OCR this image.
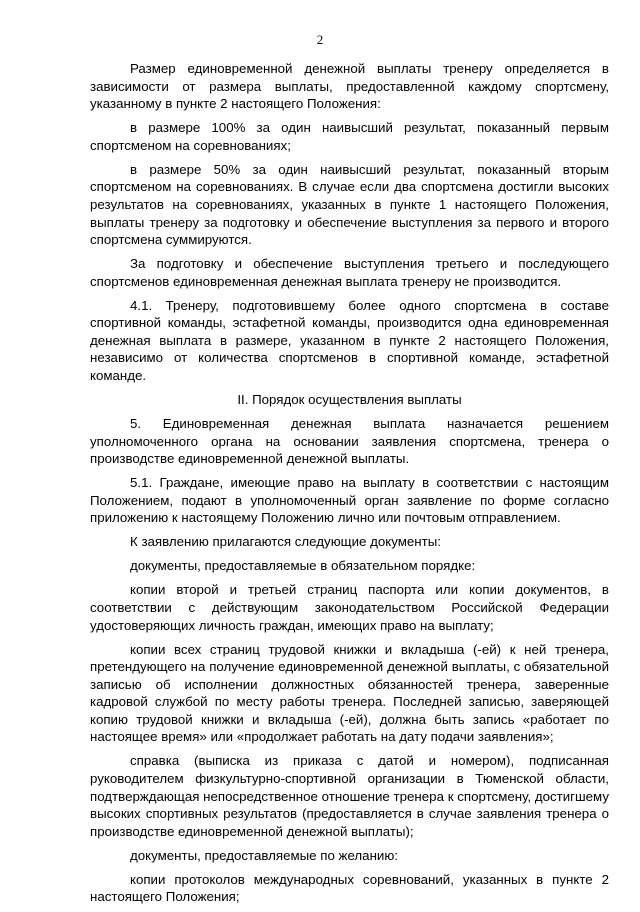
2

Размер единовременной денежной выплаты тренеру определяется в зависимости от размера выплаты, предоставленной каждому спортсмену, указанному в пункте 2 настоящего Положения:

в размере 100% за один наивысший результат, показанный первым спортсменом на соревнованиях;

в размере 50% за один наивысший результат, показанный вторым спортсменом на соревнованиях. В случае если два спортсмена достигли высоких результатов на соревнованиях, указанных в пункте 1 настоящего Положения, выплаты тренеру за подготовку и обеспечение выступления за первого и второго спортсмена суммируются.

За подготовку и обеспечение выступления третьего и последующего спортсменов единовременная денежная выплата тренеру не производится.

4.1. Тренеру, подготовившему более одного спортсмена в составе спортивной команды, эстафетной команды, производится одна единовременная денежная выплата в размере, указанном в пункте 2 настоящего Положения, независимо от количества спортсменов в спортивной команде, эстафетной команде.

II. Порядок осуществления выплаты

5. Единовременная денежная выплата назначается решением уполномоченного органа на основании заявления спортсмена, тренера о производстве единовременной денежной выплаты.

5.1. Граждане, имеющие право на выплату в соответствии с настоящим Положением, подают в уполномоченный орган заявление по форме согласно приложению к настоящему Положению лично или почтовым отправлением.

К заявлению прилагаются следующие документы:

документы, предоставляемые в обязательном порядке:

копии второй и третьей страниц паспорта или копии документов, в соответствии с действующим законодательством Российской Федерации удостоверяющих личность граждан, имеющих право на выплату;

копии всех страниц трудовой книжки и вкладыша (-ей) к ней тренера, претендующего на получение единовременной денежной выплаты, с обязательной записью об исполнении должностных обязанностей тренера, заверенные кадровой службой по месту работы тренера. Последней записью, заверяющей копию трудовой книжки и вкладыша (-ей), должна быть запись «работает по настоящее время» или «продолжает работать на дату подачи заявления»;

справка (выписка из приказа с датой и номером), подписанная руководителем физкультурно-спортивной организации в Тюменской области, подтверждающая непосредственное отношение тренера к спортсмену, достигшему высоких спортивных результатов (предоставляется в случае заявления тренера о производстве единовременной денежной выплаты);

документы, предоставляемые по желанию:

копии протоколов международных соревнований, указанных в пункте 2 настоящего Положения;
